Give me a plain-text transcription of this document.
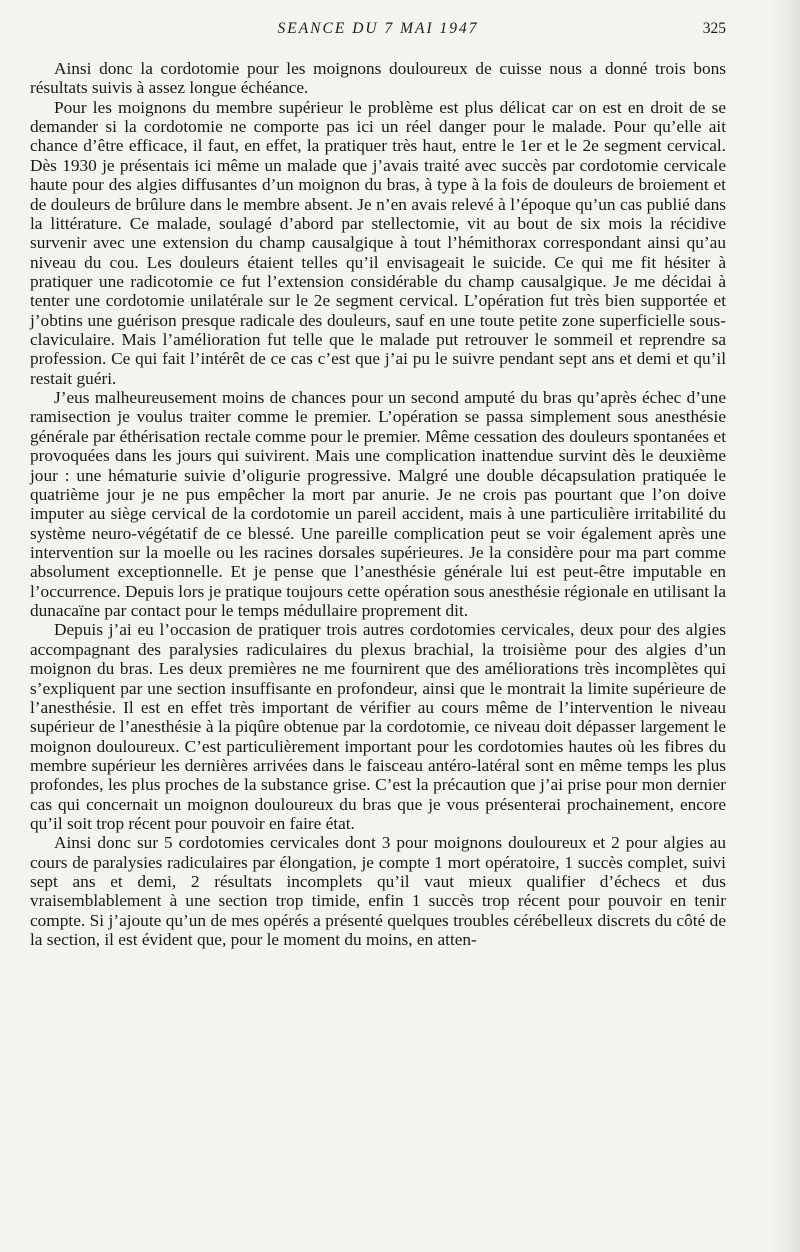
SEANCE DU 7 MAI 1947	325

Ainsi donc la cordotomie pour les moignons douloureux de cuisse nous a donné trois bons résultats suivis à assez longue échéance.

Pour les moignons du membre supérieur le problème est plus délicat car on est en droit de se demander si la cordotomie ne comporte pas ici un réel danger pour le malade. Pour qu’elle ait chance d’être efficace, il faut, en effet, la pratiquer très haut, entre le 1er et le 2e segment cervical. Dès 1930 je présentais ici même un malade que j’avais traité avec succès par cordotomie cervicale haute pour des algies diffusantes d’un moignon du bras, à type à la fois de douleurs de broiement et de douleurs de brûlure dans le membre absent. Je n’en avais relevé à l’époque qu’un cas publié dans la littérature. Ce malade, soulagé d’abord par stellectomie, vit au bout de six mois la récidive survenir avec une extension du champ causalgique à tout l’hémithorax correspondant ainsi qu’au niveau du cou. Les douleurs étaient telles qu’il envisageait le suicide. Ce qui me fit hésiter à pratiquer une radicotomie ce fut l’extension considérable du champ causalgique. Je me décidai à tenter une cordotomie unilatérale sur le 2e segment cervical. L’opération fut très bien supportée et j’obtins une guérison presque radicale des douleurs, sauf en une toute petite zone superficielle sous-claviculaire. Mais l’amélioration fut telle que le malade put retrouver le sommeil et reprendre sa profession. Ce qui fait l’intérêt de ce cas c’est que j’ai pu le suivre pendant sept ans et demi et qu’il restait guéri.

J’eus malheureusement moins de chances pour un second amputé du bras qu’après échec d’une ramisection je voulus traiter comme le premier. L’opération se passa simplement sous anesthésie générale par éthérisation rectale comme pour le premier. Même cessation des douleurs spontanées et provoquées dans les jours qui suivirent. Mais une complication inattendue survint dès le deuxième jour : une hématurie suivie d’oligurie progressive. Malgré une double décapsulation pratiquée le quatrième jour je ne pus empêcher la mort par anurie. Je ne crois pas pourtant que l’on doive imputer au siège cervical de la cordotomie un pareil accident, mais à une particulière irritabilité du système neuro-végétatif de ce blessé. Une pareille complication peut se voir également après une intervention sur la moelle ou les racines dorsales supérieures. Je la considère pour ma part comme absolument exceptionnelle. Et je pense que l’anesthésie générale lui est peut-être imputable en l’occurrence. Depuis lors je pratique toujours cette opération sous anesthésie régionale en utilisant la dunacaïne par contact pour le temps médullaire proprement dit.

Depuis j’ai eu l’occasion de pratiquer trois autres cordotomies cervicales, deux pour des algies accompagnant des paralysies radiculaires du plexus brachial, la troisième pour des algies d’un moignon du bras. Les deux premières ne me fournirent que des améliorations très incomplètes qui s’expliquent par une section insuffisante en profondeur, ainsi que le montrait la limite supérieure de l’anesthésie. Il est en effet très important de vérifier au cours même de l’intervention le niveau supérieur de l’anesthésie à la piqûre obtenue par la cordotomie, ce niveau doit dépasser largement le moignon douloureux. C’est particulièrement important pour les cordotomies hautes où les fibres du membre supérieur les dernières arrivées dans le faisceau antéro-latéral sont en même temps les plus profondes, les plus proches de la substance grise. C’est la précaution que j’ai prise pour mon dernier cas qui concernait un moignon douloureux du bras que je vous présenterai prochainement, encore qu’il soit trop récent pour pouvoir en faire état.

Ainsi donc sur 5 cordotomies cervicales dont 3 pour moignons douloureux et 2 pour algies au cours de paralysies radiculaires par élongation, je compte 1 mort opératoire, 1 succès complet, suivi sept ans et demi, 2 résultats incomplets qu’il vaut mieux qualifier d’échecs et dus vraisemblablement à une section trop timide, enfin 1 succès trop récent pour pouvoir en tenir compte. Si j’ajoute qu’un de mes opérés a présenté quelques troubles cérébelleux discrets du côté de la section, il est évident que, pour le moment du moins, en atten-
